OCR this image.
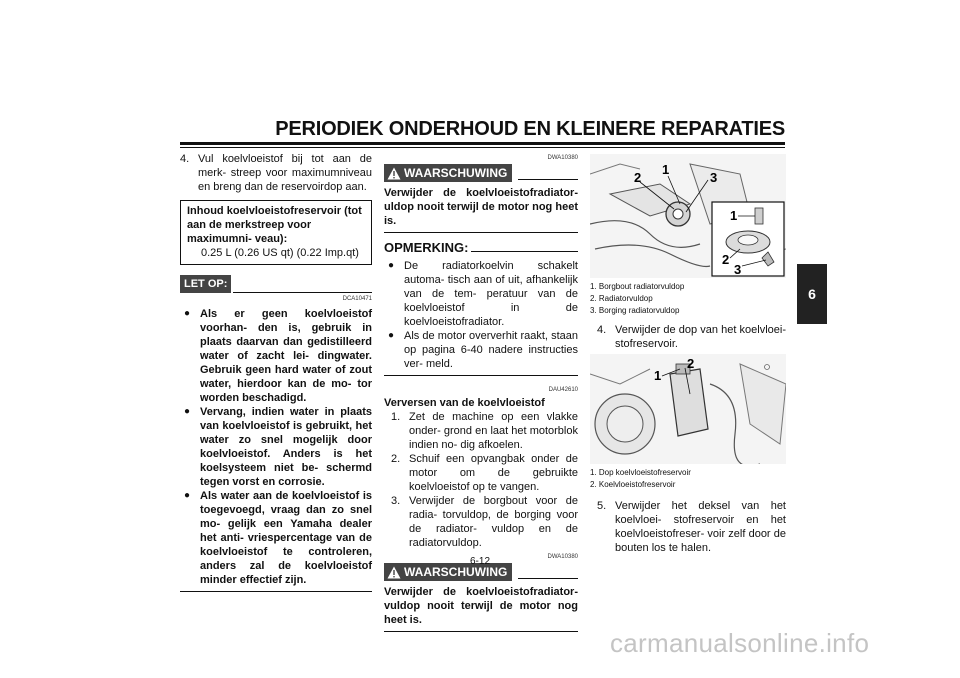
PERIODIEK ONDERHOUD EN KLEINERE REPARATIES
6
4. Vul koelvloeistof bij tot aan de merk- streep voor maximumniveau en breng dan de reservoirdop aan.
Inhoud koelvloeistofreservoir (tot aan de merkstreep voor maximumni- veau):
0.25 L (0.26 US qt) (0.22 Imp.qt)
LET OP:
DCA10471
● Als er geen koelvloeistof voorhan- den is, gebruik in plaats daarvan dan gedistilleerd water of zacht lei- dingwater. Gebruik geen hard water of zout water, hierdoor kan de mo- tor worden beschadigd.
● Vervang, indien water in plaats van koelvloeistof is gebruikt, het water zo snel mogelijk door koelvloeistof. Anders is het koelsysteem niet be- schermd tegen vorst en corrosie.
● Als water aan de koelvloeistof is toegevoegd, vraag dan zo snel mo- gelijk een Yamaha dealer het anti- vriespercentage van de koelvloeistof te controleren, anders zal de koelvloeistof minder effectief zijn.
DWA10380
WAARSCHUWING
Verwijder de koelvloeistofradiator- uldop nooit terwijl de motor nog heet is.
OPMERKING:
● De radiatorkoelvin schakelt automa- tisch aan of uit, afhankelijk van de tem- peratuur van de koelvloeistof in de koelvloeistofradiator.
● Als de motor oververhit raakt, staan op pagina 6-40 nadere instructies ver- meld.
DAU42610
Verversen van de koelvloeistof
1. Zet de machine op een vlakke onder- grond en laat het motorblok indien no- dig afkoelen.
2. Schuif een opvangbak onder de motor om de gebruikte koelvloeistof op te vangen.
3. Verwijder de borgbout voor de radia- torvuldop, de borging voor de radiator- vuldop en de radiatorvuldop.
DWA10380
WAARSCHUWING
Verwijder de koelvloeistofradiator- vuldop nooit terwijl de motor nog heet is.
2
1
3
1
2
3
1. Borgbout radiatorvuldop
2. Radiatorvuldop
3. Borging radiatorvuldop
4. Verwijder de dop van het koelvloei- stofreservoir.
1
2
1. Dop koelvloeistofreservoir
2. Koelvloeistofreservoir
5. Verwijder het deksel van het koelvloei- stofreservoir en het koelvloeistofreser- voir zelf door de bouten los te halen.
6-12
carmanualsonline.info
